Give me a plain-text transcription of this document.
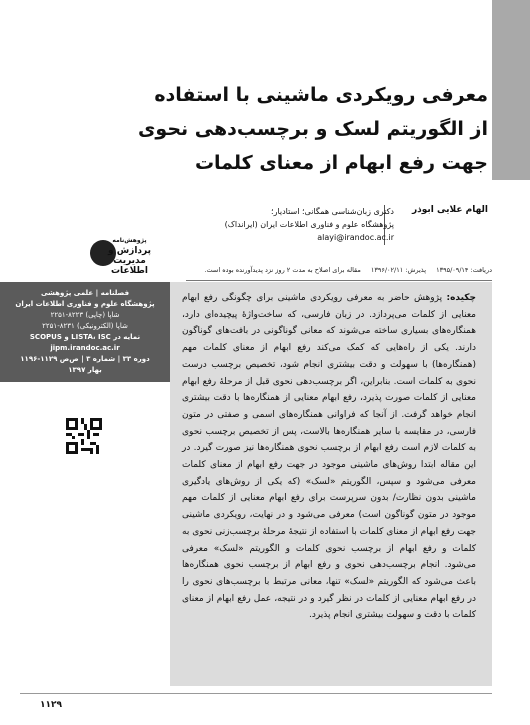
معرفی رویکردی ماشینی با استفاده
از الگوریتم لسک و برچسب‌دهی نحوی
جهت رفع ابهام از معنای کلمات
الهام علایی ابوذر
دکتری زبان‌شناسی همگانی؛ استادیار؛
پژوهشگاه علوم و فناوری اطلاعات ایران (ایرانداک)
alayi@irandoc.ac.ir
پژوهش‌نامه
پردازش و
مدیریت
اطلاعات	دریافت: ۱۳۹۵/۰۹/۱۴ پذیرش: ۱۳۹۶/۰۲/۱۱ مقاله برای اصلاح به مدت ۲ روز نزد پدیدآورنده بوده است.
فصلنامه | علمی پژوهشی
پژوهشگاه علوم و فناوری اطلاعات ایران
شاپا (چاپی) ۸۲۲۳-۲۲۵۱
شاپا (الکترونیکی) ۸۲۳۱-۲۲۵۱
نمایه در LISTA، ISC و SCOPUS
jipm.irandoc.ac.ir
دوره ۳۳ | شماره ۳ | ص‌ص ۱۱۲۹-۱۱۹۶
بهار ۱۳۹۷
چکیده: پژوهش حاضر به معرفی رویکردی ماشینی برای چگونگی رفع ابهام معنایی از کلمات می‌پردازد. در زبان فارسی، که ساخت‌واژهٔ پیچیده‌ای دارد، همنگاره‌های بسیاری ساخته می‌شوند که معانی گوناگونی در بافت‌های گوناگون دارند. یکی از راه‌هایی که کمک می‌کند رفع ابهام از معنای کلمات مهم (همنگاره‌ها) با سهولت و دقت بیشتری انجام شود، تخصیص برچسب درست نحوی به کلمات است. بنابراین، اگر برچسب‌دهی نحوی قبل از مرحلهٔ رفع ابهام معنایی از کلمات صورت پذیرد، رفع ابهام معنایی از همنگاره‌ها با دقت بیشتری انجام خواهد گرفت. از آنجا که فراوانی همنگاره‌های اسمی و صفتی در متون فارسی، در مقایسه با سایر همنگاره‌ها بالاست، پس از تخصیص برچسب نحوی به کلمات لازم است رفع ابهام از برچسب نحوی همنگاره‌ها نیز صورت گیرد. در این مقاله ابتدا روش‌های ماشینی موجود در جهت رفع ابهام از معنای کلمات معرفی می‌شود و سپس، الگوریتم «لسک» (که یکی از روش‌های یادگیری ماشینی بدون نظارت/ بدون سرپرست برای رفع ابهام معنایی از کلمات مهم موجود در متون گوناگون است) معرفی می‌شود و در نهایت، رویکردی ماشینی جهت رفع ابهام از معنای کلمات با استفاده از نتیجهٔ مرحلهٔ برچسب‌زنی نحوی به کلمات و رفع ابهام از برچسب نحوی کلمات و الگوریتم «لسک» معرفی می‌شود. انجام برچسب‌دهی نحوی و رفع ابهام از برچسب نحوی همنگاره‌ها باعث می‌شود که الگوریتم «لسک» تنها، معانی مرتبط با برچسب‌های نحوی را در رفع ابهام معنایی از کلمات در نظر گیرد و در نتیجه، عمل رفع ابهام از معنای کلمات با دقت و سهولت بیشتری انجام پذیرد.
۱۱۲۹
